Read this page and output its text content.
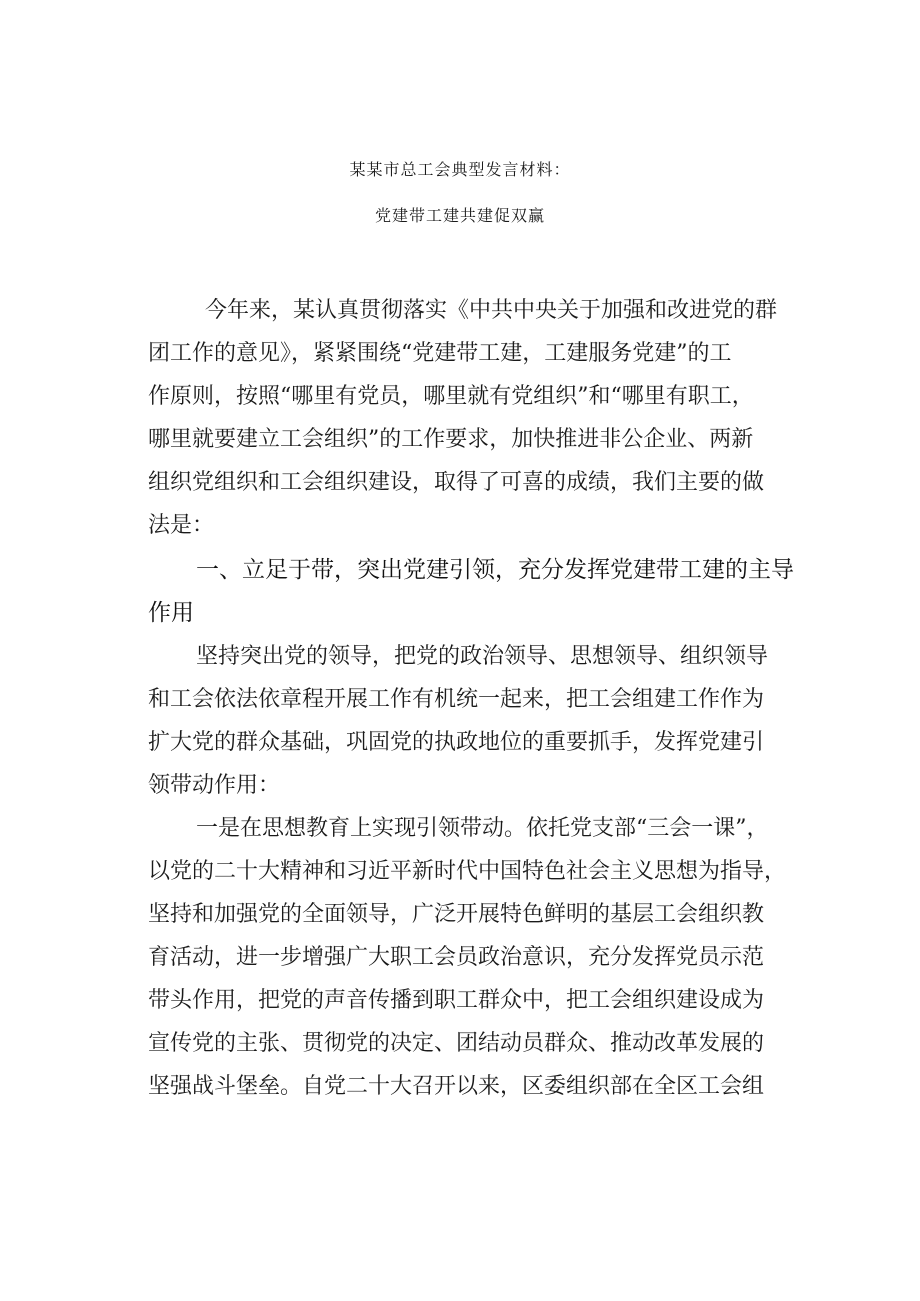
某某市总工会典型发言材料：
党建带工建共建促双赢
今年来，某认真贯彻落实《中共中央关于加强和改进党的群
团工作的意见》，紧紧围绕“党建带工建，工建服务党建”的工
作原则，按照“哪里有党员，哪里就有党组织”和“哪里有职工，
哪里就要建立工会组织”的工作要求，加快推进非公企业、两新
组织党组织和工会组织建设，取得了可喜的成绩，我们主要的做
法是：
一、立足于带，突出党建引领，充分发挥党建带工建的主导
作用
坚持突出党的领导，把党的政治领导、思想领导、组织领导
和工会依法依章程开展工作有机统一起来，把工会组建工作作为
扩大党的群众基础，巩固党的执政地位的重要抓手，发挥党建引
领带动作用：
一是在思想教育上实现引领带动。依托党支部“三会一课”，
以党的二十大精神和习近平新时代中国特色社会主义思想为指导，
坚持和加强党的全面领导，广泛开展特色鲜明的基层工会组织教
育活动，进一步增强广大职工会员政治意识，充分发挥党员示范
带头作用，把党的声音传播到职工群众中，把工会组织建设成为
宣传党的主张、贯彻党的决定、团结动员群众、推动改革发展的
坚强战斗堡垒。自党二十大召开以来，区委组织部在全区工会组
